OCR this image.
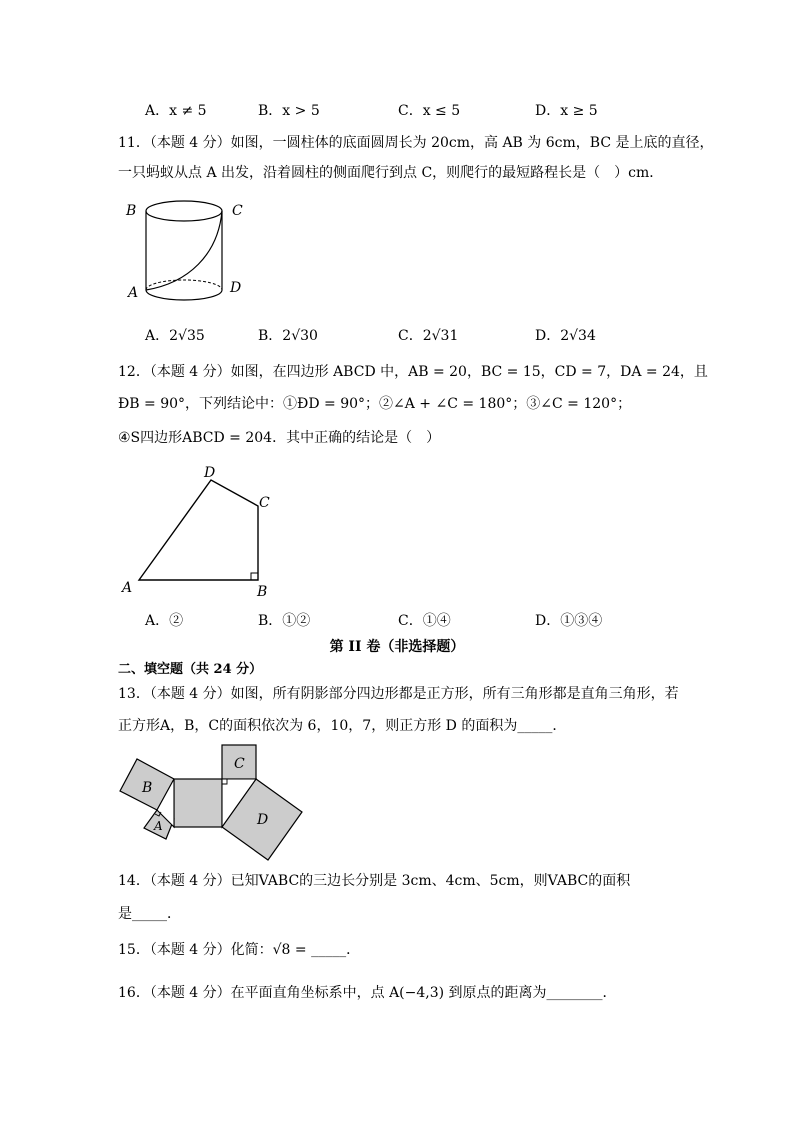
A．x ≠ 5	B．x > 5	C．x ≤ 5	D．x ≥ 5
11．（本题 4 分）如图，一圆柱体的底面圆周长为 20cm，高 AB 为 6cm，BC 是上底的直径，
一只蚂蚁从点 A 出发，沿着圆柱的侧面爬行到点 C，则爬行的最短路程长是（　）cm．
B	C
A	D
A．2√35	B．2√30	C．2√31	D．2√34
12．（本题 4 分）如图，在四边形 ABCD 中，AB = 20，BC = 15，CD = 7，DA = 24，且
ÐB = 90°，下列结论中：①ÐD = 90°；②∠A + ∠C = 180°；③∠C = 120°；
④S四边形ABCD = 204．其中正确的结论是（　）
D
C
A	B
A．②	B．①②	C．①④	D．①③④
第 II 卷（非选择题）
二、填空题（共 24 分）
13．（本题 4 分）如图，所有阴影部分四边形都是正方形，所有三角形都是直角三角形，若
正方形A，B，C的面积依次为 6，10，7，则正方形 D 的面积为_____．
B
C
A	D
14．（本题 4 分）已知VABC的三边长分别是 3cm、4cm、5cm，则VABC的面积
是_____．
15．（本题 4 分）化简：√8 = _____．
16．（本题 4 分）在平面直角坐标系中，点 A(−4,3) 到原点的距离为________．
